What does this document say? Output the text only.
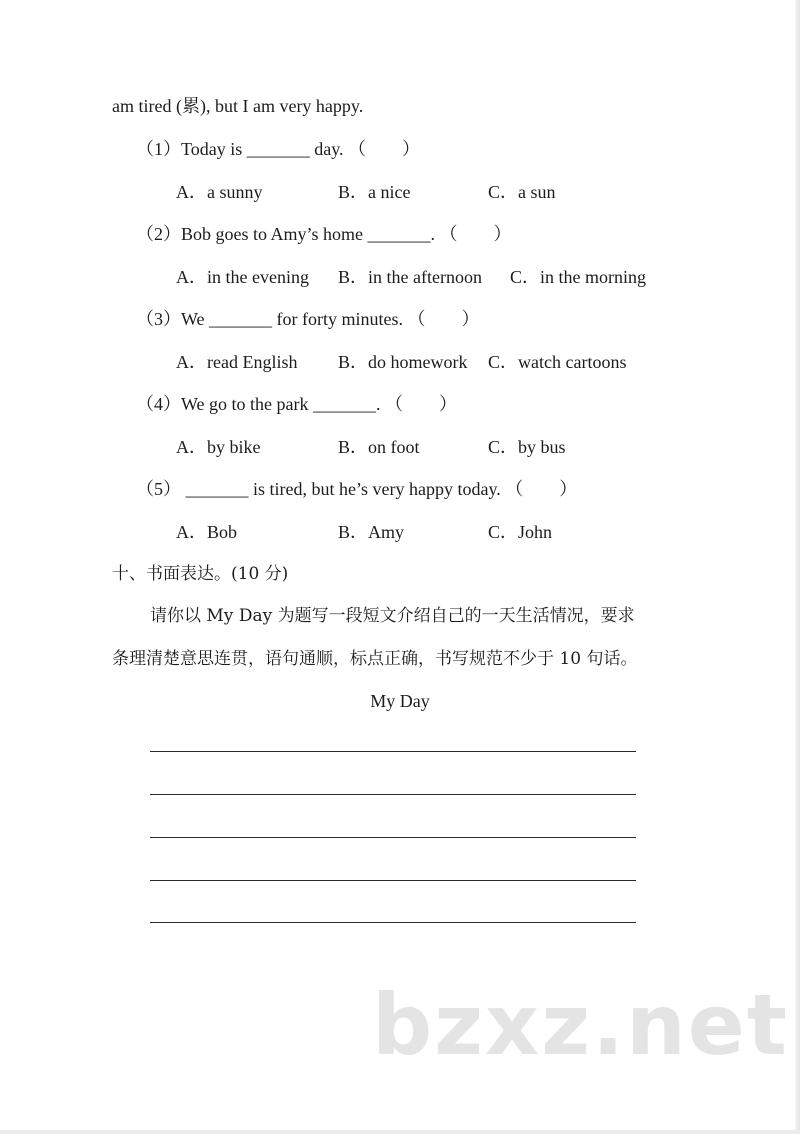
am tired (累), but I am very happy.
（1）Today is _______ day. （　　）
A．a sunny	B．a nice	C．a sun
（2）Bob goes to Amy’s home _______. （　　）
A．in the evening B．in the afternoon C．in the morning
（3）We _______ for forty minutes. （　　）
A．read English B．do homework C．watch cartoons
（4）We go to the park _______. （　　）
A．by bike	B．on foot	C．by bus
（5） _______ is tired, but he’s very happy today. （　　）
A．Bob	B．Amy	C．John
十、书面表达。(10 分)
请你以 My Day 为题写一段短文介绍自己的一天生活情况，要求
条理清楚意思连贯，语句通顺，标点正确，书写规范不少于 10 句话。
My Day
bzxz.net
